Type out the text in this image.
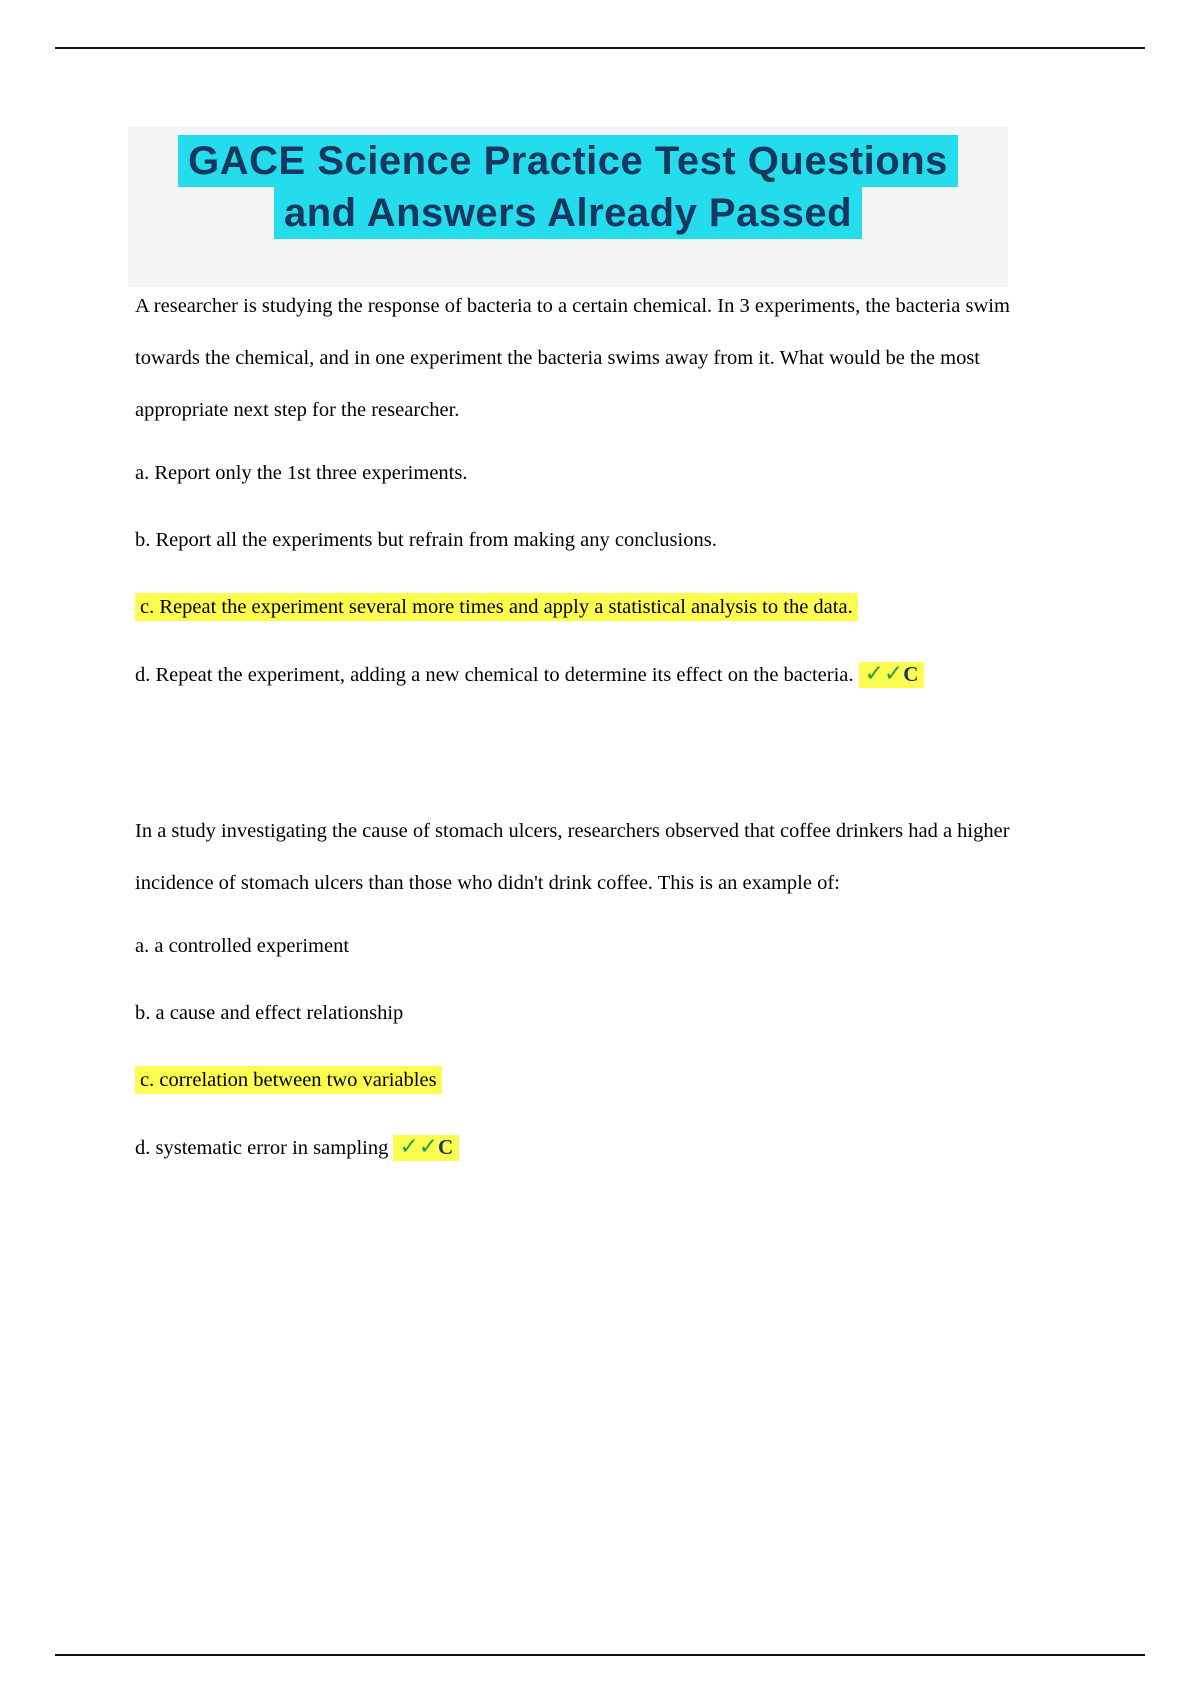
GACE Science Practice Test Questions
and Answers Already Passed

A researcher is studying the response of bacteria to a certain chemical. In 3 experiments, the bacteria swim towards the chemical, and in one experiment the bacteria swims away from it. What would be the most appropriate next step for the researcher.

a. Report only the 1st three experiments.
b. Report all the experiments but refrain from making any conclusions.
c. Repeat the experiment several more times and apply a statistical analysis to the data.
d. Repeat the experiment, adding a new chemical to determine its effect on the bacteria. ✓✓C

In a study investigating the cause of stomach ulcers, researchers observed that coffee drinkers had a higher incidence of stomach ulcers than those who didn't drink coffee. This is an example of:

a. a controlled experiment
b. a cause and effect relationship
c. correlation between two variables
d. systematic error in sampling ✓✓C
